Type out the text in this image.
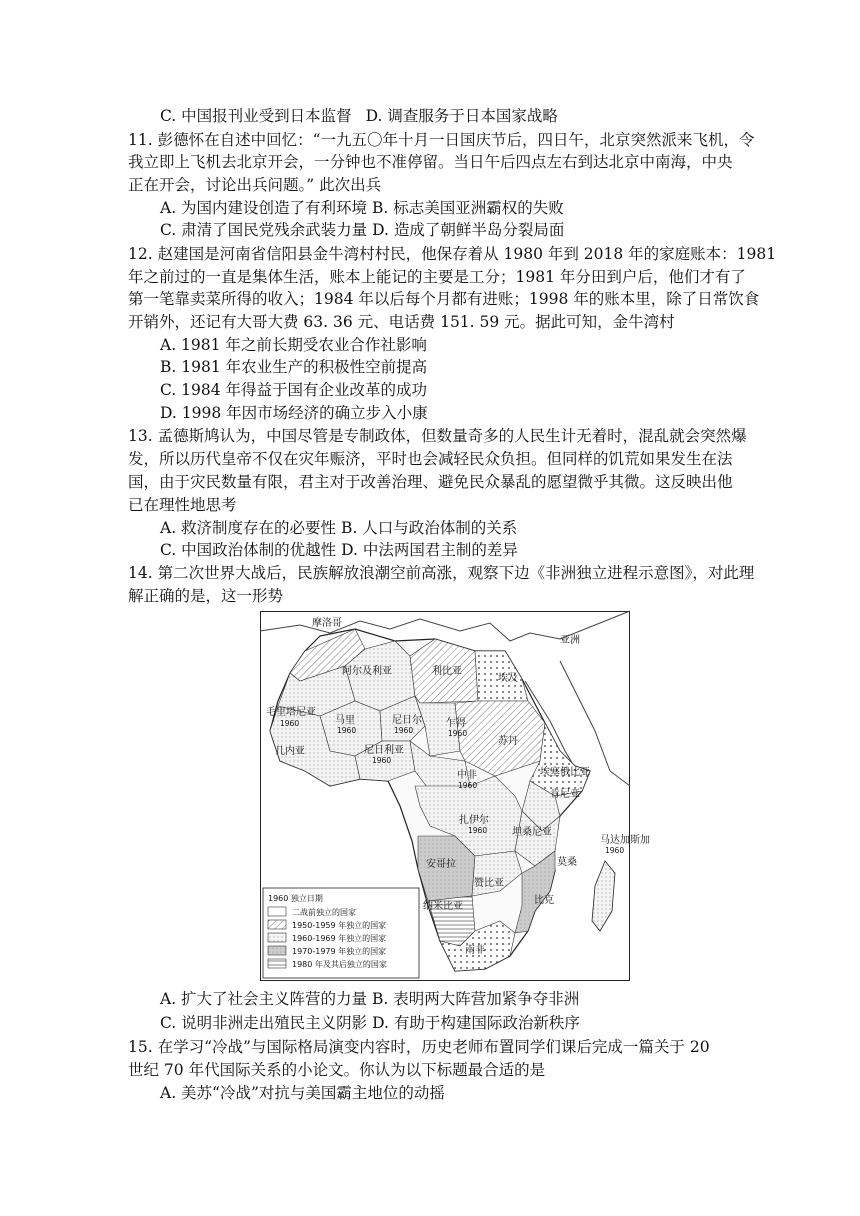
C. 中国报刊业受到日本监督 D. 调查服务于日本国家战略
11. 彭德怀在自述中回忆：“一九五〇年十月一日国庆节后，四日午，北京突然派来飞机，令
我立即上飞机去北京开会，一分钟也不准停留。当日午后四点左右到达北京中南海，中央
正在开会，讨论出兵问题。” 此次出兵
A. 为国内建设创造了有利环境 B. 标志美国亚洲霸权的失败
C. 肃清了国民党残余武装力量 D. 造成了朝鲜半岛分裂局面
12. 赵建国是河南省信阳县金牛湾村村民，他保存着从 1980 年到 2018 年的家庭账本：1981
年之前过的一直是集体生活，账本上能记的主要是工分；1981 年分田到户后，他们才有了
第一笔靠卖菜所得的收入；1984 年以后每个月都有进账；1998 年的账本里，除了日常饮食
开销外，还记有大哥大费 63. 36 元、电话费 151. 59 元。据此可知，金牛湾村
A. 1981 年之前长期受农业合作社影响
B. 1981 年农业生产的积极性空前提高
C. 1984 年得益于国有企业改革的成功
D. 1998 年因市场经济的确立步入小康
13. 孟德斯鸠认为，中国尽管是专制政体，但数量奇多的人民生计无着时，混乱就会突然爆
发，所以历代皇帝不仅在灾年赈济，平时也会减轻民众负担。但同样的饥荒如果发生在法
国，由于灾民数量有限，君主对于改善治理、避免民众暴乱的愿望微乎其微。这反映出他
已在理性地思考
A. 救济制度存在的必要性 B. 人口与政治体制的关系
C. 中国政治体制的优越性 D. 中法两国君主制的差异
14. 第二次世界大战后，民族解放浪潮空前高涨，观察下边《非洲独立进程示意图》，对此理
解正确的是，这一形势
摩洛哥
阿尔及利亚	利比亚
埃及
亚洲
毛里塔尼亚
1960	马里
1960
尼日尔
1960
乍得
1960
苏丹
几内亚	尼日利亚
1960
中非
1960
埃塞俄比亚
肯尼亚
扎伊尔
1960 坦桑尼亚
安哥拉
赞比亚
莫桑
比克
纳米比亚
南非
1960
马达加斯加
1960 独立日期
二战前独立的国家
1950-1959 年独立的国家
1960-1969 年独立的国家
1970-1979 年独立的国家
1980 年及其后独立的国家
A. 扩大了社会主义阵营的力量 B. 表明两大阵营加紧争夺非洲
C. 说明非洲走出殖民主义阴影 D. 有助于构建国际政治新秩序
15. 在学习“冷战”与国际格局演变内容时，历史老师布置同学们课后完成一篇关于 20
世纪 70 年代国际关系的小论文。你认为以下标题最合适的是
A. 美苏“冷战”对抗与美国霸主地位的动摇
